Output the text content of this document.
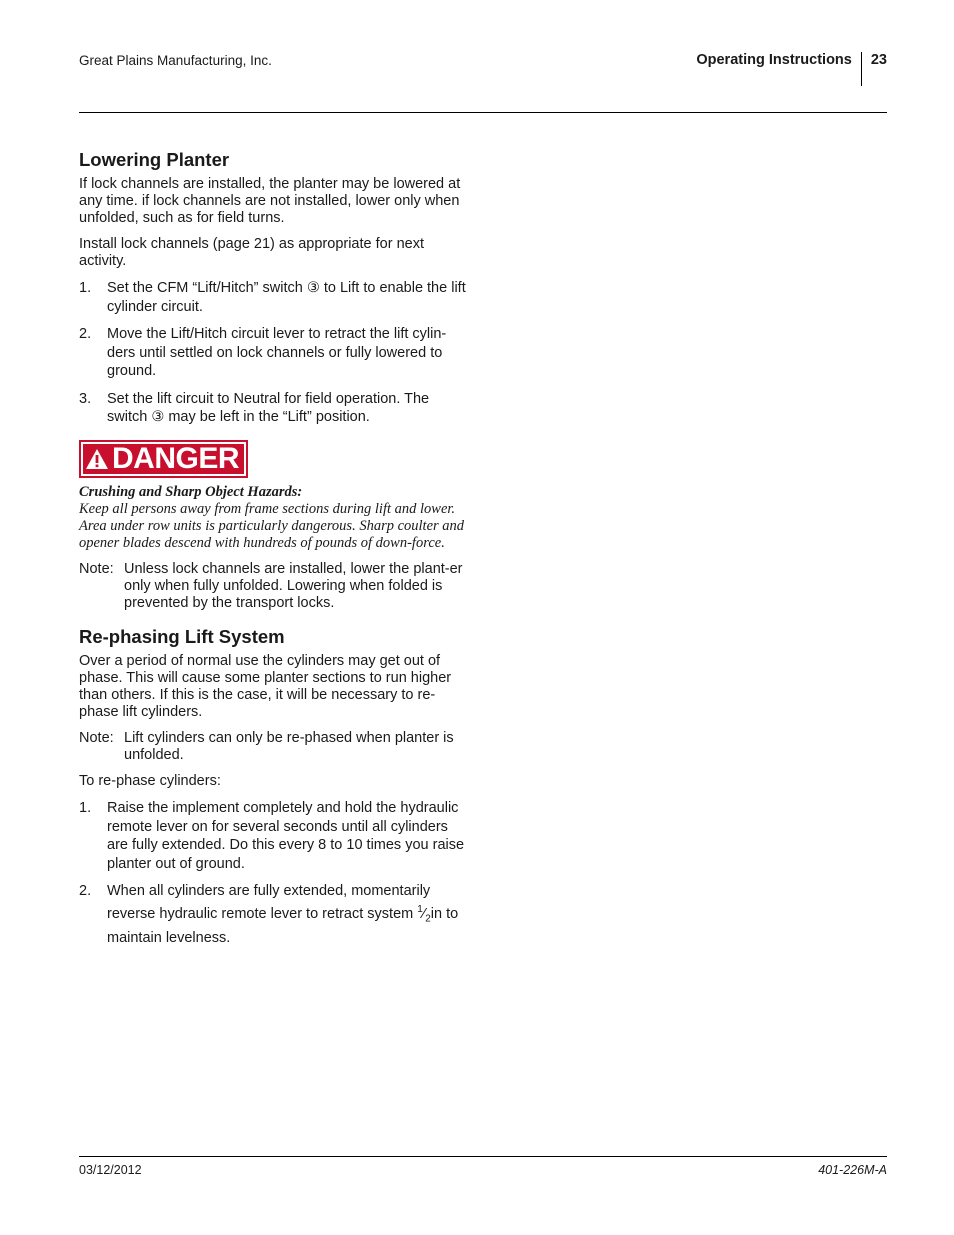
Great Plains Manufacturing, Inc.	Operating Instructions	23
Lowering Planter

If lock channels are installed, the planter may be lowered at any time. if lock channels are not installed, lower only when unfolded, such as for field turns.

Install lock channels (page 21) as appropriate for next activity.

1.	Set the CFM “Lift/Hitch” switch ③ to Lift to enable the lift cylinder circuit.
2.	Move the Lift/Hitch circuit lever to retract the lift cylin-ders until settled on lock channels or fully lowered to ground.
3.	Set the lift circuit to Neutral for field operation. The switch ③ may be left in the “Lift” position.
DANGER
Crushing and Sharp Object Hazards:
Keep all persons away from frame sections during lift and lower. Area under row units is particularly dangerous. Sharp coulter and opener blades descend with hundreds of pounds of down-force.
Note: Unless lock channels are installed, lower the plant-er only when fully unfolded. Lowering when folded is prevented by the transport locks.
Re-phasing Lift System

Over a period of normal use the cylinders may get out of phase. This will cause some planter sections to run higher than others. If this is the case, it will be necessary to re-phase lift cylinders.

Note: Lift cylinders can only be re-phased when planter is unfolded.

To re-phase cylinders:

1.	Raise the implement completely and hold the hydraulic remote lever on for several seconds until all cylinders are fully extended. Do this every 8 to 10 times you raise planter out of ground.
2.	When all cylinders are fully extended, momentarily reverse hydraulic remote lever to retract system $^1⁄_2in$ to maintain levelness.
03/12/2012	401-226M-A
